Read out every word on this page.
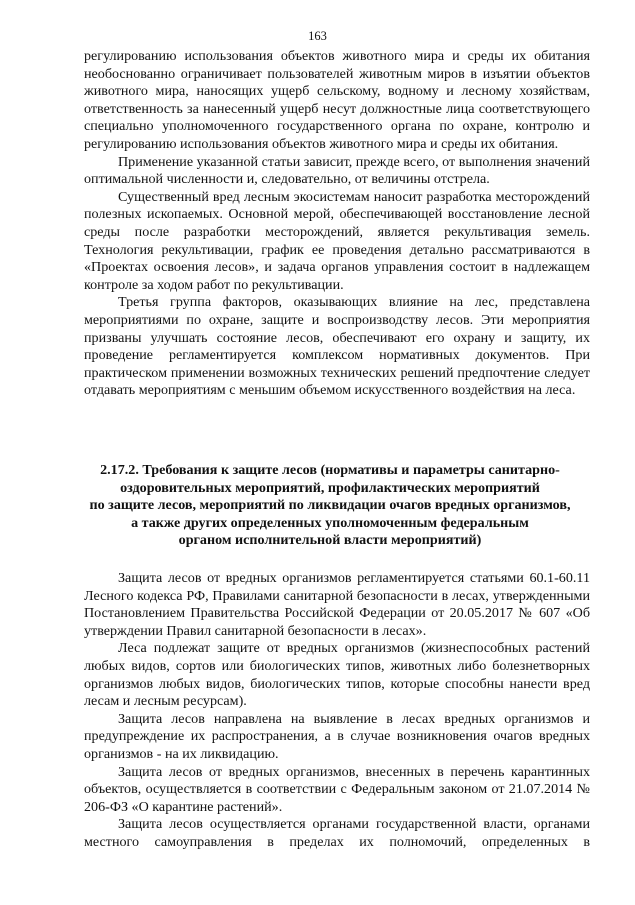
163

регулированию использования объектов животного мира и среды их обитания необоснованно ограничивает пользователей животным миров в изъятии объектов животного мира, наносящих ущерб сельскому, водному и лесному хозяйствам, ответственность за нанесенный ущерб несут должностные лица соответствующего специально уполномоченного государственного органа по охране, контролю и регулированию использования объектов животного мира и среды их обитания.

Применение указанной статьи зависит, прежде всего, от выполнения значений оптимальной численности и, следовательно, от величины отстрела.

Существенный вред лесным экосистемам наносит разработка месторождений полезных ископаемых. Основной мерой, обеспечивающей восстановление лесной среды после разработки месторождений, является рекультивация земель. Технология рекультивации, график ее проведения детально рассматриваются в «Проектах освоения лесов», и задача органов управления состоит в надлежащем контроле за ходом работ по рекультивации.

Третья группа факторов, оказывающих влияние на лес, представлена мероприятиями по охране, защите и воспроизводству лесов. Эти мероприятия призваны улучшать состояние лесов, обеспечивают его охрану и защиту, их проведение регламентируется комплексом нормативных документов. При практическом применении возможных технических решений предпочтение следует отдавать мероприятиям с меньшим объемом искусственного воздействия на леса.

2.17.2. Требования к защите лесов (нормативы и параметры санитарно-
оздоровительных мероприятий, профилактических мероприятий
по защите лесов, мероприятий по ликвидации очагов вредных организмов,
а также других определенных уполномоченным федеральным
органом исполнительной власти мероприятий)

Защита лесов от вредных организмов регламентируется статьями 60.1-60.11 Лесного кодекса РФ, Правилами санитарной безопасности в лесах, утвержденными Постановлением Правительства Российской Федерации от 20.05.2017 № 607 «Об утверждении Правил санитарной безопасности в лесах».

Леса подлежат защите от вредных организмов (жизнеспособных растений любых видов, сортов или биологических типов, животных либо болезнетворных организмов любых видов, биологических типов, которые способны нанести вред лесам и лесным ресурсам).

Защита лесов направлена на выявление в лесах вредных организмов и предупреждение их распространения, а в случае возникновения очагов вредных организмов - на их ликвидацию.

Защита лесов от вредных организмов, внесенных в перечень карантинных объектов, осуществляется в соответствии с Федеральным законом от 21.07.2014 № 206-ФЗ «О карантине растений».

Защита лесов осуществляется органами государственной власти, органами местного самоуправления в пределах их полномочий, определенных в
